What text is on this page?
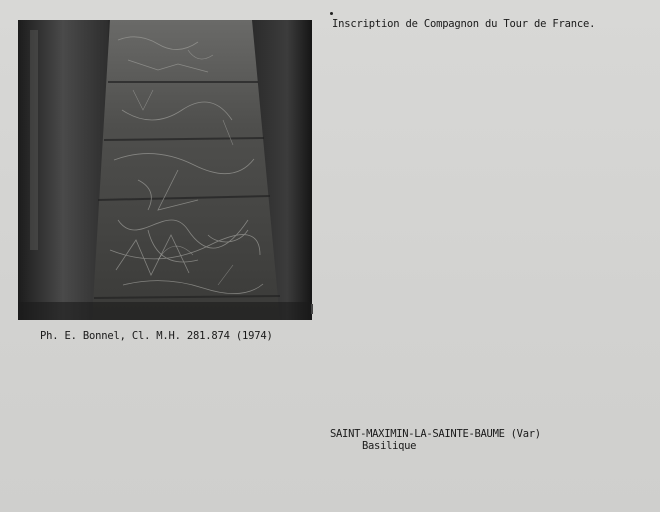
Inscription de Compagnon du Tour de France.
Ph. E. Bonnel, Cl. M.H. 281.874 (1974)
SAINT-MAXIMIN-LA-SAINTE-BAUME (Var)
Basilique
